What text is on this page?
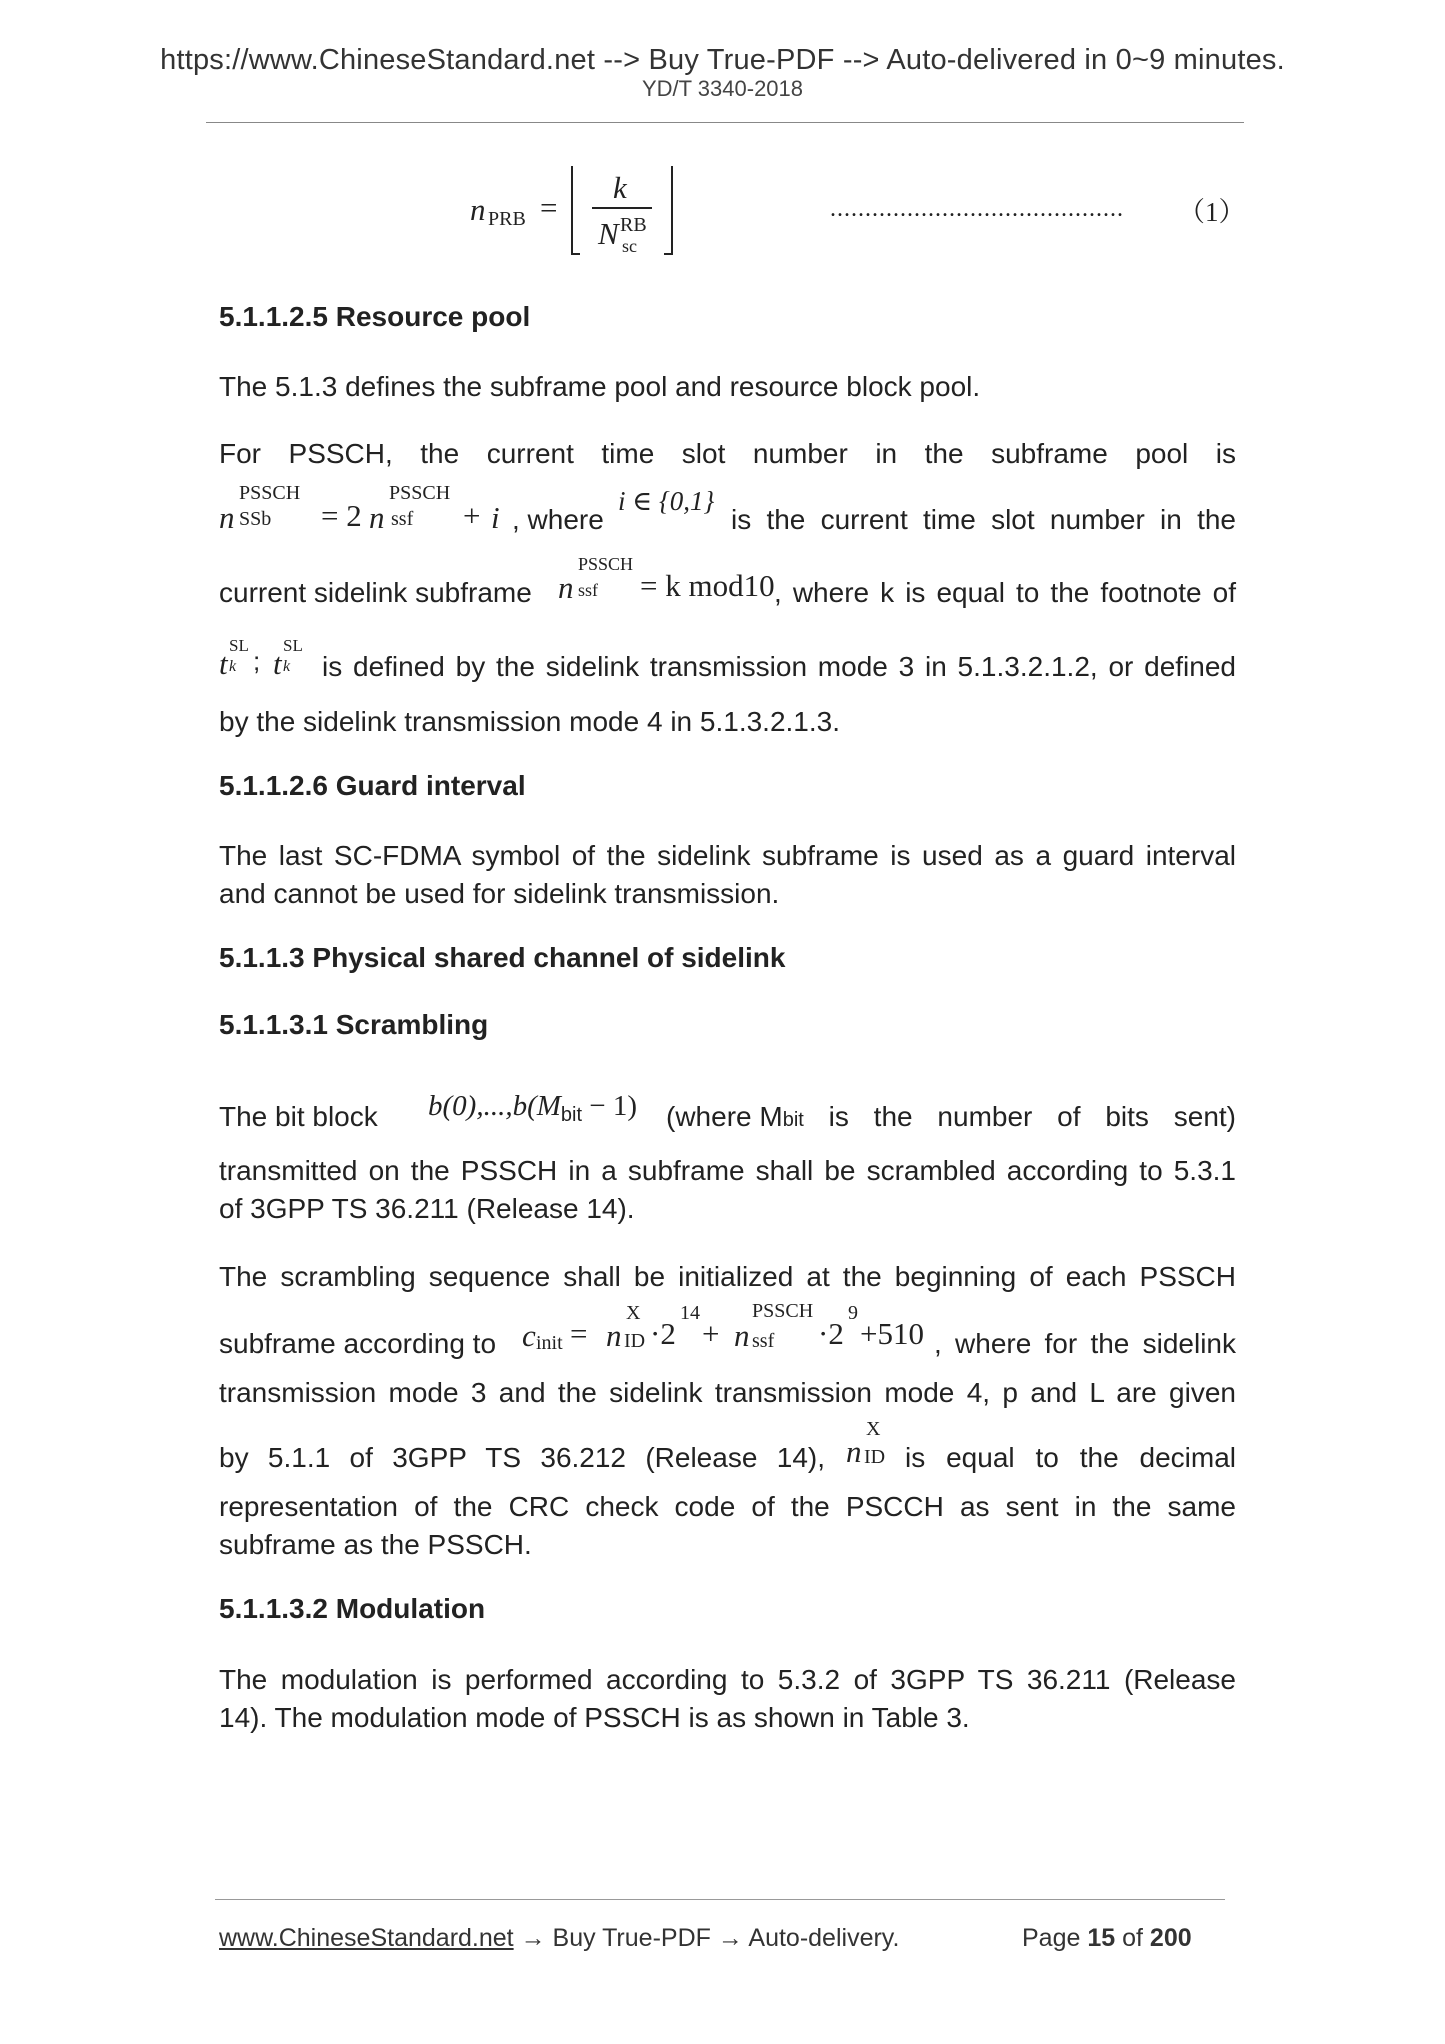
https://www.ChineseStandard.net --> Buy True-PDF --> Auto-delivered in 0~9 minutes.
YD/T 3340-2018
n PRB =
k
N RB
sc
.......................................... （1）
5.1.1.2.5 Resource pool
The 5.1.3 defines the subframe pool and resource block pool.
For PSSCH, the current time slot number in the subframe pool is
n
PSSCH
SSb = 2 n
PSSCH
ssf + i , where
i ∈ {0,1}
is the current time slot number in the
current sidelink subframe n
PSSCH
ssf = k mod10 , where k is equal to the footnote of
t
SL
k ; t
SL
k is defined by the sidelink transmission mode 3 in 5.1.3.2.1.2, or defined
by the sidelink transmission mode 4 in 5.1.3.2.1.3.
5.1.1.2.6 Guard interval
The last SC-FDMA symbol of the sidelink subframe is used as a guard interval
and cannot be used for sidelink transmission.
5.1.1.3 Physical shared channel of sidelink
5.1.1.3.1 Scrambling
The bit block $b(0),...,b(M_{bit} - 1)$ (where Mbit is the number of bits sent)
transmitted on the PSSCH in a subframe shall be scrambled according to 5.3.1
of 3GPP TS 36.211 (Release 14).
The scrambling sequence shall be initialized at the beginning of each PSSCH
subframe according to c init = n
X
ID ·2
14
+ n
PSSCH
ssf ·2
9
+510 , where for the sidelink
transmission mode 3 and the sidelink transmission mode 4, p and L are given
by 5.1.1 of 3GPP TS 36.212 (Release 14), n
X
ID is equal to the decimal
representation of the CRC check code of the PSCCH as sent in the same
subframe as the PSSCH.
5.1.1.3.2 Modulation
The modulation is performed according to 5.3.2 of 3GPP TS 36.211 (Release
14). The modulation mode of PSSCH is as shown in Table 3.
www.ChineseStandard.net → Buy True-PDF → Auto-delivery.	Page 15 of 200
